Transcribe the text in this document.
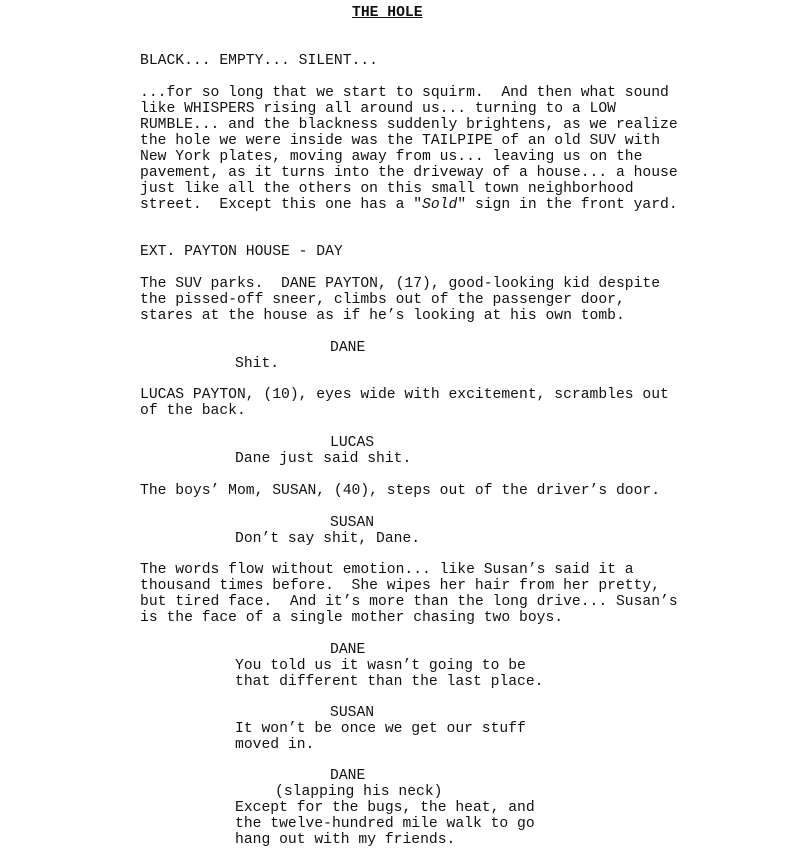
THE HOLE
BLACK... EMPTY... SILENT...
...for so long that we start to squirm.  And then what sound
like WHISPERS rising all around us... turning to a LOW
RUMBLE... and the blackness suddenly brightens, as we realize
the hole we were inside was the TAILPIPE of an old SUV with
New York plates, moving away from us... leaving us on the
pavement, as it turns into the driveway of a house... a house
just like all the others on this small town neighborhood
street.  Except this one has a "Sold" sign in the front yard.
EXT. PAYTON HOUSE - DAY
The SUV parks.  DANE PAYTON, (17), good-looking kid despite
the pissed-off sneer, climbs out of the passenger door,
stares at the house as if he’s looking at his own tomb.
DANE
Shit.
LUCAS PAYTON, (10), eyes wide with excitement, scrambles out
of the back.
LUCAS
Dane just said shit.
The boys’ Mom, SUSAN, (40), steps out of the driver’s door.
SUSAN
Don’t say shit, Dane.
The words flow without emotion... like Susan’s said it a
thousand times before.  She wipes her hair from her pretty,
but tired face.  And it’s more than the long drive... Susan’s
is the face of a single mother chasing two boys.
DANE
You told us it wasn’t going to be
that different than the last place.
SUSAN
It won’t be once we get our stuff
moved in.
DANE
(slapping his neck)
Except for the bugs, the heat, and
the twelve-hundred mile walk to go
hang out with my friends.
